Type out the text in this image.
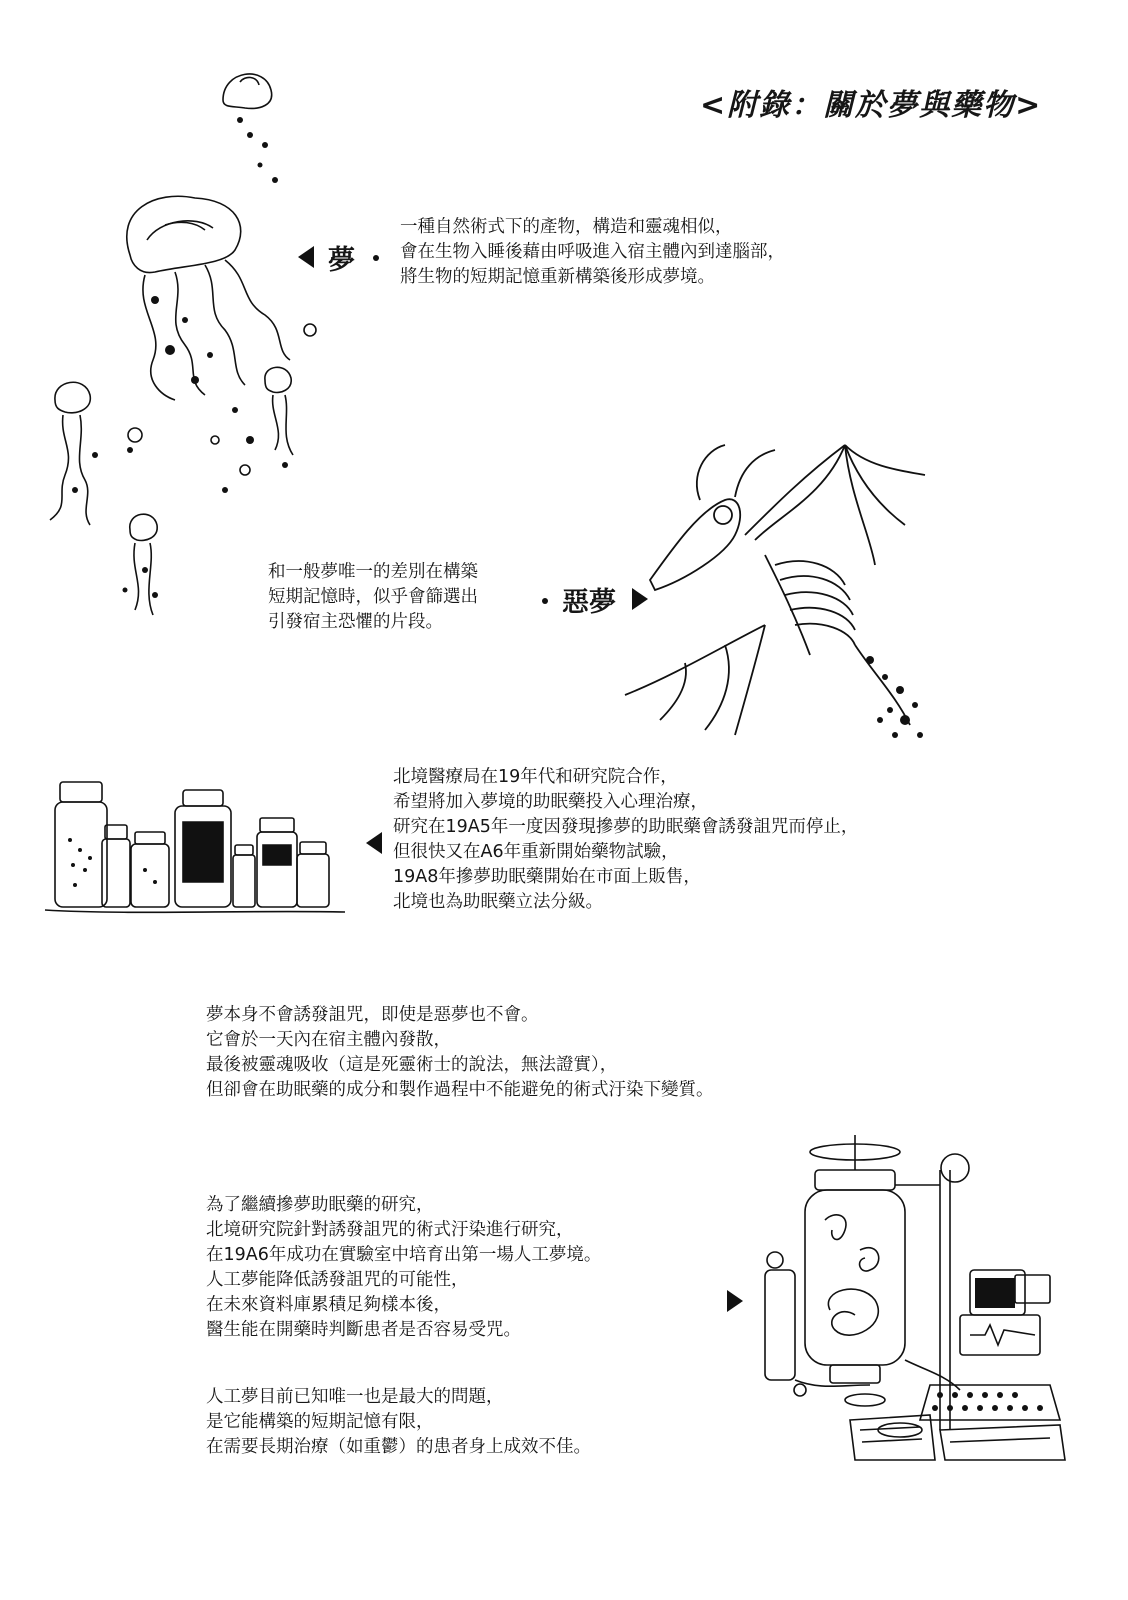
<附錄：關於夢與藥物>
夢
一種自然術式下的產物，構造和靈魂相似，
會在生物入睡後藉由呼吸進入宿主體內到達腦部，
將生物的短期記憶重新構築後形成夢境。
和一般夢唯一的差別在構築
短期記憶時，似乎會篩選出
引發宿主恐懼的片段。
惡夢
北境醫療局在19年代和研究院合作，
希望將加入夢境的助眠藥投入心理治療，
研究在19A5年一度因發現摻夢的助眠藥會誘發詛咒而停止，
但很快又在A6年重新開始藥物試驗，
19A8年摻夢助眠藥開始在市面上販售，
北境也為助眠藥立法分級。
夢本身不會誘發詛咒，即使是惡夢也不會。
它會於一天內在宿主體內發散，
最後被靈魂吸收（這是死靈術士的說法，無法證實），
但卻會在助眠藥的成分和製作過程中不能避免的術式汙染下變質。
為了繼續摻夢助眠藥的研究，
北境研究院針對誘發詛咒的術式汙染進行研究，
在19A6年成功在實驗室中培育出第一場人工夢境。
人工夢能降低誘發詛咒的可能性，
在未來資料庫累積足夠樣本後，
醫生能在開藥時判斷患者是否容易受咒。
人工夢目前已知唯一也是最大的問題，
是它能構築的短期記憶有限，
在需要長期治療（如重鬱）的患者身上成效不佳。
